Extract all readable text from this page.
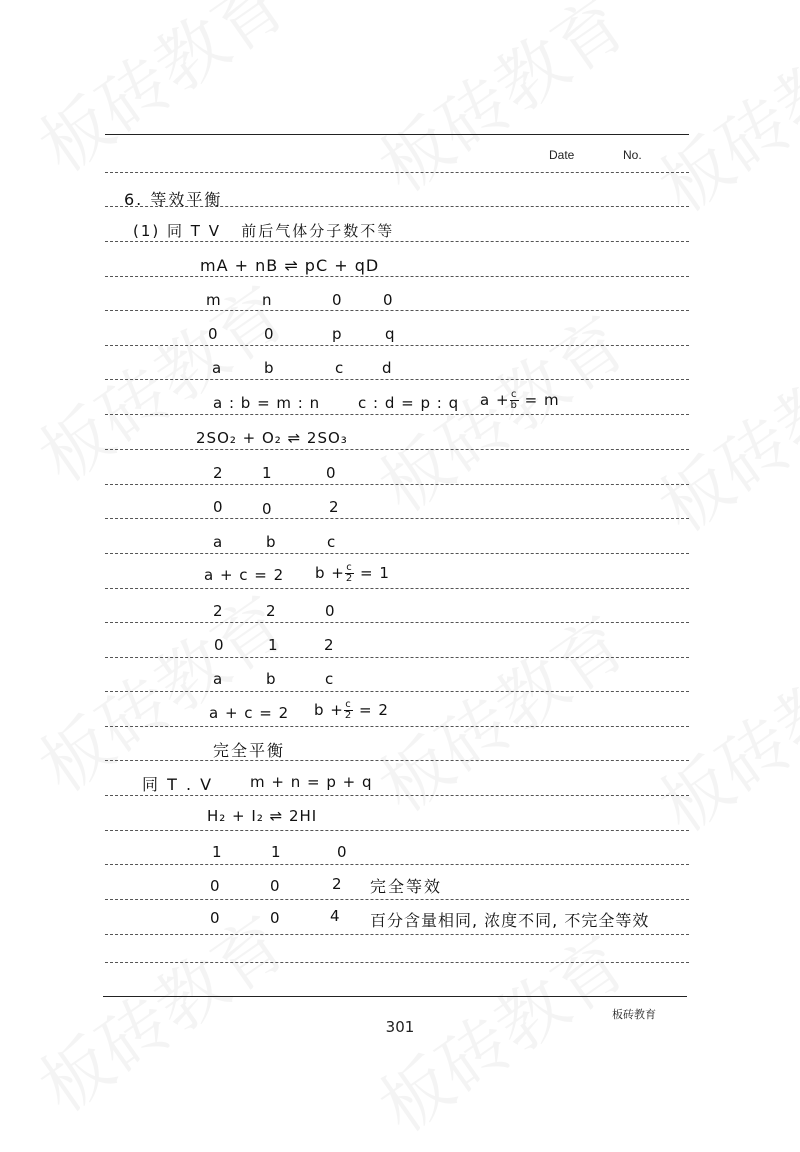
Date	No.
6. 等效平衡
(1) 同 T V   前后气体分子数不等
mA + nB ⇌ pC + qD
m	n	0	0
0	0	p	q
a	b	c	d
a : b = m : n	c : d = p : q $a + \frac{c}{b} = m$
2SO₂ + O₂ ⇌ 2SO₃
2	1	0
0	0	2
a	b	c
a + c = 2 $b + \frac{c}{2} = 1$
2	2	0
0	1	2
a	b	c
a + c = 2 $b + \frac{c}{2} = 2$
完全平衡
同 T . V m + n = p + q
H₂ + I₂ ⇌ 2HI
1	1	0
0	0	2 完全等效
0	0	4 百分含量相同, 浓度不同, 不完全等效
板砖教育
301
